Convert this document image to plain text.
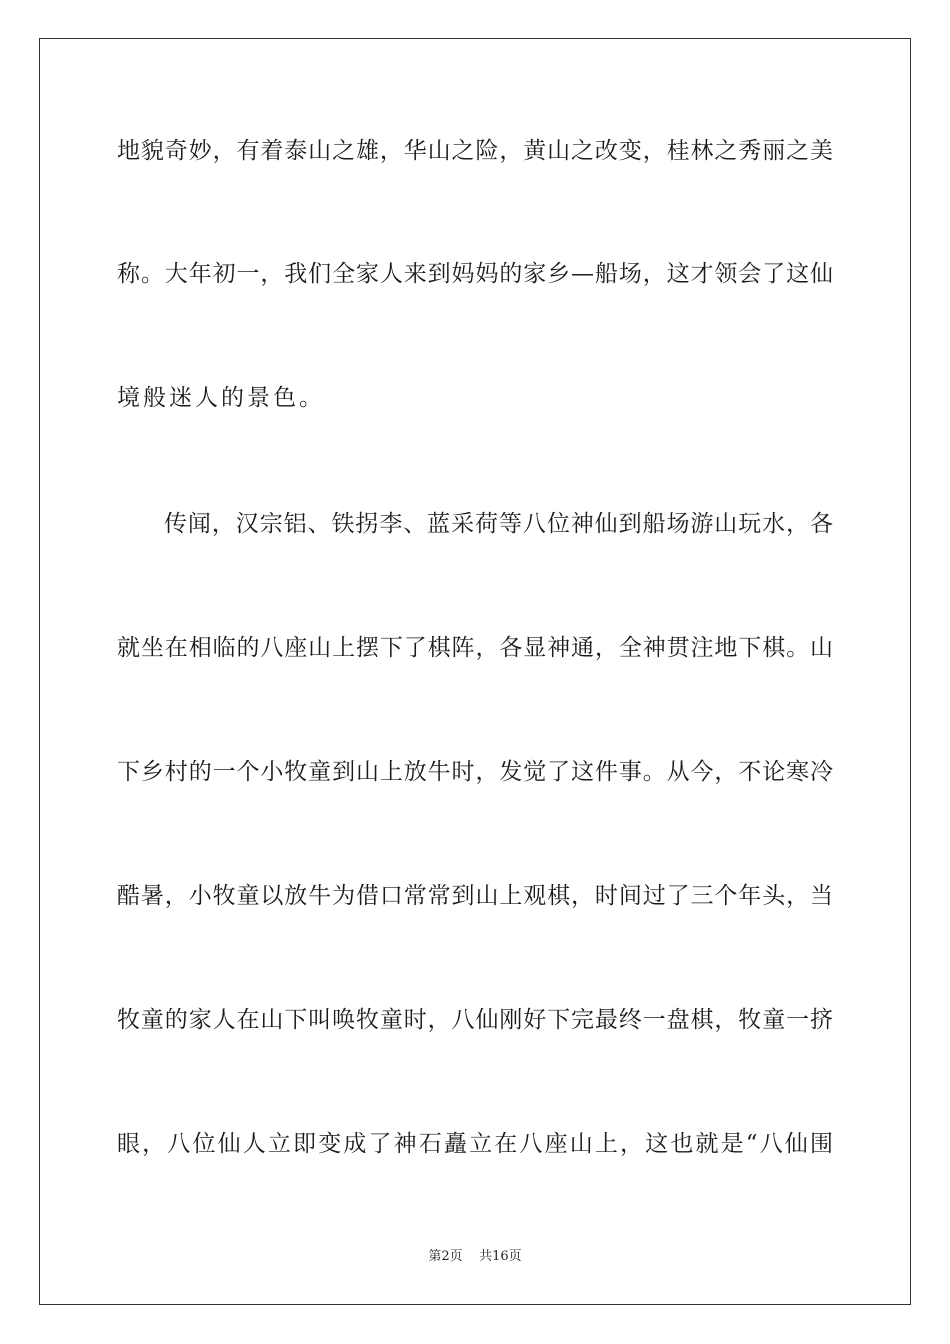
地貌奇妙，有着泰山之雄，华山之险，黄山之改变，桂林之秀丽之美
称。大年初一，我们全家人来到妈妈的家乡—船场，这才领会了这仙
境般迷人的景色。
传闻，汉宗铝、铁拐李、蓝采荷等八位神仙到船场游山玩水，各
就坐在相临的八座山上摆下了棋阵，各显神通，全神贯注地下棋。山
下乡村的一个小牧童到山上放牛时，发觉了这件事。从今，不论寒冷
酷暑，小牧童以放牛为借口常常到山上观棋，时间过了三个年头，当
牧童的家人在山下叫唤牧童时，八仙刚好下完最终一盘棋，牧童一挤
眼，八位仙人立即变成了神石矗立在八座山上，这也就是“八仙围
第2页 共16页
